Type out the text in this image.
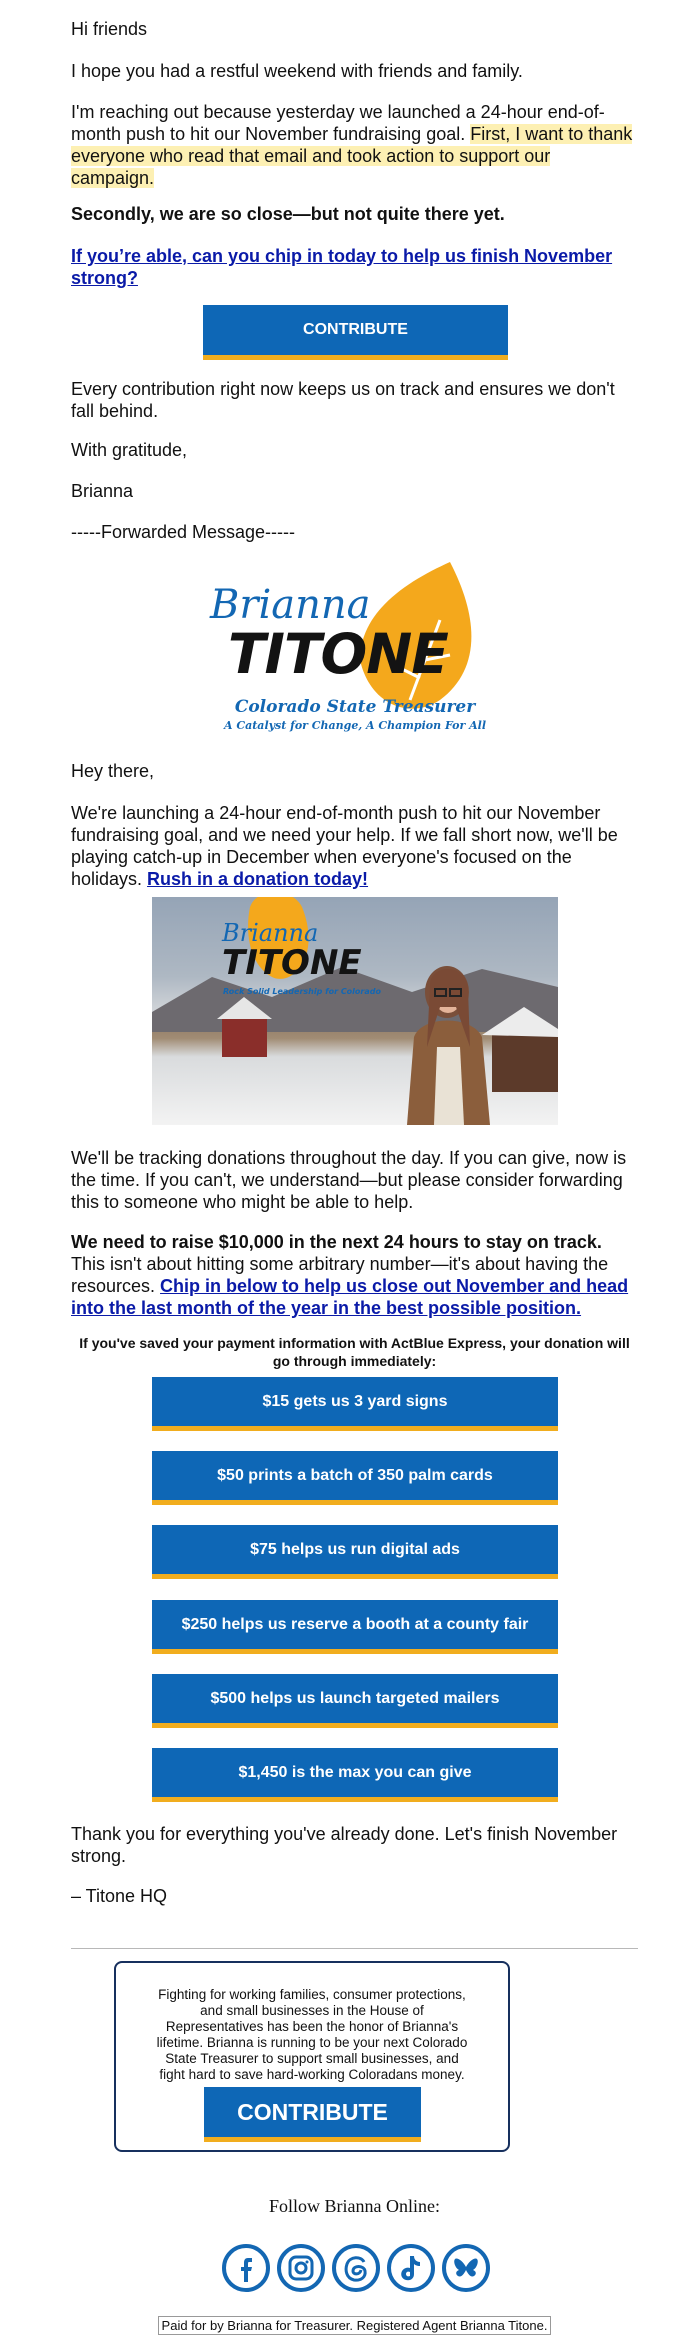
Hi friends

I hope you had a restful weekend with friends and family.

I'm reaching out because yesterday we launched a 24-hour end-of-month push to hit our November fundraising goal. First, I want to thank everyone who read that email and took action to support our campaign.

Secondly, we are so close—but not quite there yet.

If you’re able, can you chip in today to help us finish November strong?

CONTRIBUTE

Every contribution right now keeps us on track and ensures we don't fall behind.

With gratitude,

Brianna

-----Forwarded Message-----

Brianna
TITONE
Colorado State Treasurer
A Catalyst for Change, A Champion For All

Hey there,

We're launching a 24-hour end-of-month push to hit our November fundraising goal, and we need your help. If we fall short now, we'll be playing catch-up in December when everyone's focused on the holidays. Rush in a donation today!

Brianna
TITONE
Rock Solid Leadership for Colorado

We'll be tracking donations throughout the day. If you can give, now is the time. If you can't, we understand—but please consider forwarding this to someone who might be able to help.

We need to raise $10,000 in the next 24 hours to stay on track. This isn't about hitting some arbitrary number—it's about having the resources. Chip in below to help us close out November and head into the last month of the year in the best possible position.

If you've saved your payment information with ActBlue Express, your donation will go through immediately:
$15 gets us 3 yard signs
$50 prints a batch of 350 palm cards
$75 helps us run digital ads
$250 helps us reserve a booth at a county fair
$500 helps us launch targeted mailers
$1,450 is the max you can give

Thank you for everything you've already done. Let's finish November strong.

– Titone HQ

Fighting for working families, consumer protections, and small businesses in the House of Representatives has been the honor of Brianna's lifetime. Brianna is running to be your next Colorado State Treasurer to support small businesses, and fight hard to save hard-working Coloradans money.
CONTRIBUTE
Follow Brianna Online:
Paid for by Brianna for Treasurer. Registered Agent Brianna Titone.
